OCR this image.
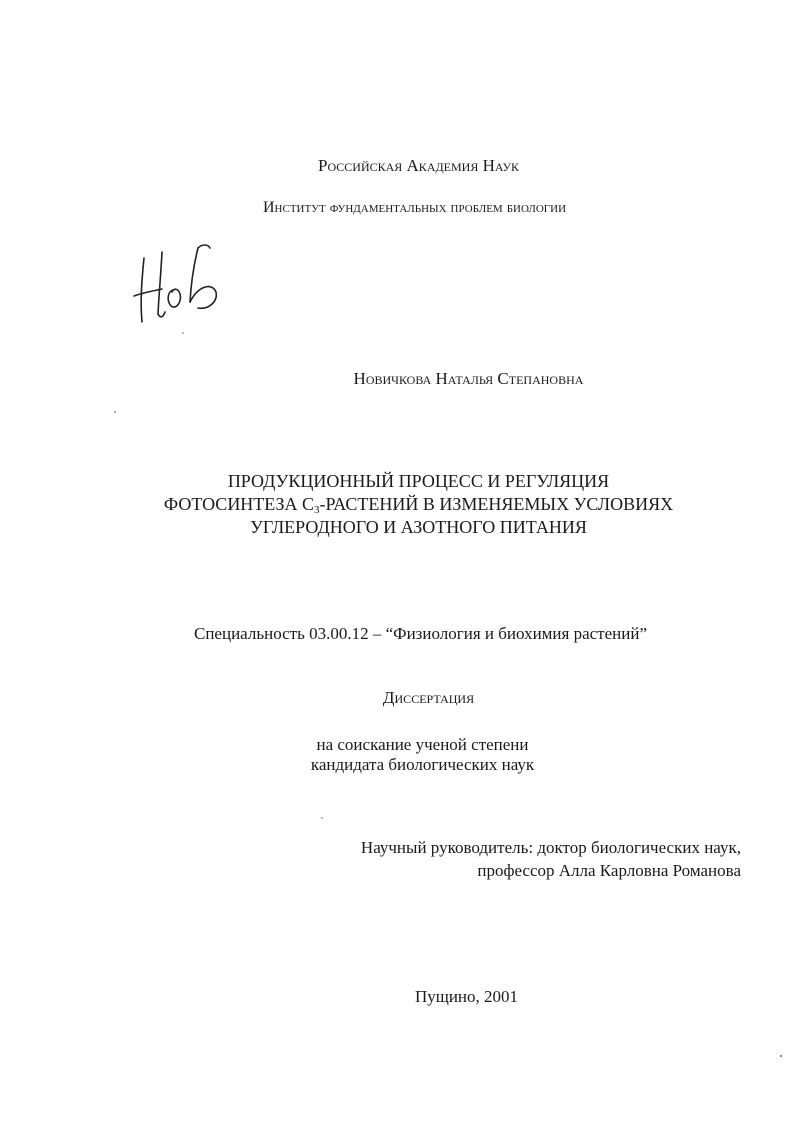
Российская Академия Наук
Институт фундаментальных проблем биологии
Новичкова Наталья Степановна
ПРОДУКЦИОННЫЙ ПРОЦЕСС И РЕГУЛЯЦИЯ
ФОТОСИНТЕЗА $С_3$-РАСТЕНИЙ В ИЗМЕНЯЕМЫХ УСЛОВИЯХ
УГЛЕРОДНОГО И АЗОТНОГО ПИТАНИЯ
Специальность 03.00.12 – “Физиология и биохимия растений”
Диссертация
на соискание ученой степени
кандидата биологических наук
Научный руководитель: доктор биологических наук,
профессор Алла Карловна Романова
Пущино, 2001
